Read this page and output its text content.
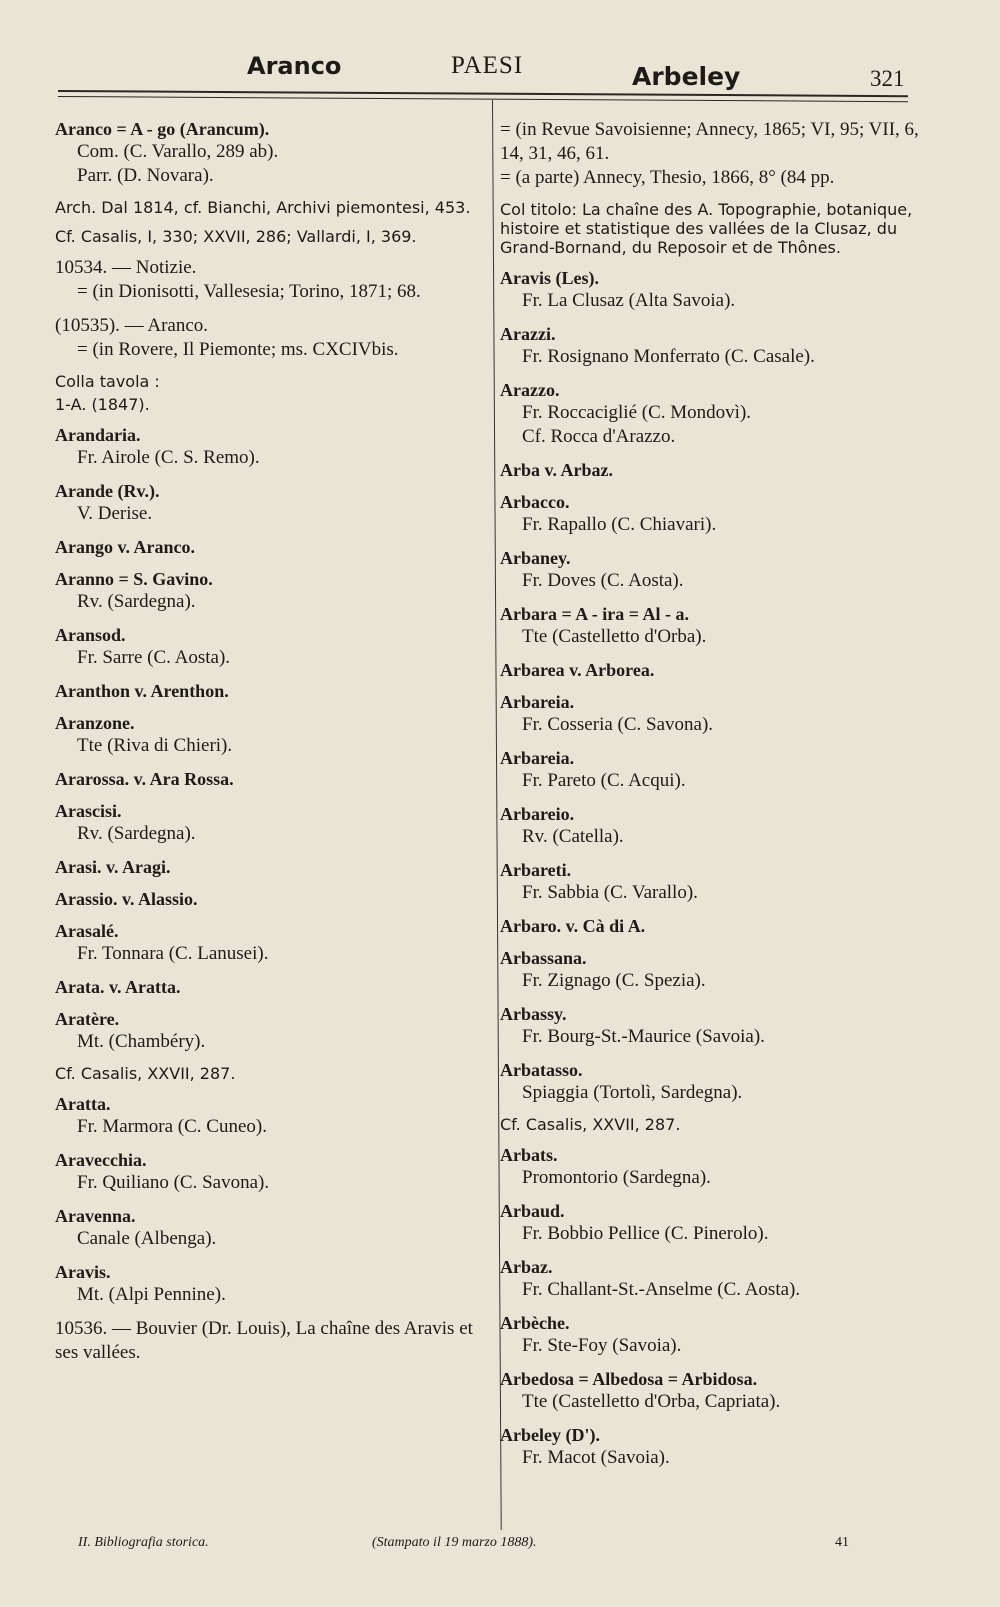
Aranco	PAESI	Arbeley	321
Aranco = A - go (Arancum).
Com. (C. Varallo, 289 ab).
Parr. (D. Novara).
Arch. Dal 1814, cf. Bianchi, Archivi piemontesi, 453.
Cf. Casalis, I, 330; XXVII, 286; Vallardi, I, 369.
10534. — Notizie.
= (in Dionisotti, Vallesesia; Torino, 1871; 68.
(10535). — Aranco.
= (in Rovere, Il Piemonte; ms. CXCIVbis.
Colla tavola :
1-A. (1847).
Arandaria.
Fr. Airole (C. S. Remo).
Arande (Rv.).
V. Derise.
Arango v. Aranco.
Aranno = S. Gavino.
Rv. (Sardegna).
Aransod.
Fr. Sarre (C. Aosta).
Aranthon v. Arenthon.
Aranzone.
Tte (Riva di Chieri).
Ararossa. v. Ara Rossa.
Arascisi.
Rv. (Sardegna).
Arasi. v. Aragi.
Arassio. v. Alassio.
Arasalé.
Fr. Tonnara (C. Lanusei).
Arata. v. Aratta.
Aratère.
Mt. (Chambéry).
Cf. Casalis, XXVII, 287.
Aratta.
Fr. Marmora (C. Cuneo).
Aravecchia.
Fr. Quiliano (C. Savona).
Aravenna.
Canale (Albenga).
Aravis.
Mt. (Alpi Pennine).
10536. — Bouvier (Dr. Louis), La chaîne des Aravis et ses vallées.
= (in Revue Savoisienne; Annecy, 1865; VI, 95; VII, 6, 14, 31, 46, 61.
= (a parte) Annecy, Thesio, 1866, 8° (84 pp.
Col titolo: La chaîne des A. Topographie, botanique, histoire et statistique des vallées de la Clusaz, du Grand-Bornand, du Reposoir et de Thônes.
Aravis (Les).
Fr. La Clusaz (Alta Savoia).
Arazzi.
Fr. Rosignano Monferrato (C. Casale).
Arazzo.
Fr. Roccaciglié (C. Mondovì).
Cf. Rocca d'Arazzo.
Arba v. Arbaz.
Arbacco.
Fr. Rapallo (C. Chiavari).
Arbaney.
Fr. Doves (C. Aosta).
Arbara = A - ira = Al - a.
Tte (Castelletto d'Orba).
Arbarea v. Arborea.
Arbareia.
Fr. Cosseria (C. Savona).
Arbareia.
Fr. Pareto (C. Acqui).
Arbareio.
Rv. (Catella).
Arbareti.
Fr. Sabbia (C. Varallo).
Arbaro. v. Cà di A.
Arbassana.
Fr. Zignago (C. Spezia).
Arbassy.
Fr. Bourg-St.-Maurice (Savoia).
Arbatasso.
Spiaggia (Tortolì, Sardegna).
Cf. Casalis, XXVII, 287.
Arbats.
Promontorio (Sardegna).
Arbaud.
Fr. Bobbio Pellice (C. Pinerolo).
Arbaz.
Fr. Challant-St.-Anselme (C. Aosta).
Arbèche.
Fr. Ste-Foy (Savoia).
Arbedosa = Albedosa = Arbidosa.
Tte (Castelletto d'Orba, Capriata).
Arbeley (D').
Fr. Macot (Savoia).
II. Bibliografia storica.	(Stampato il 19 marzo 1888).	41
